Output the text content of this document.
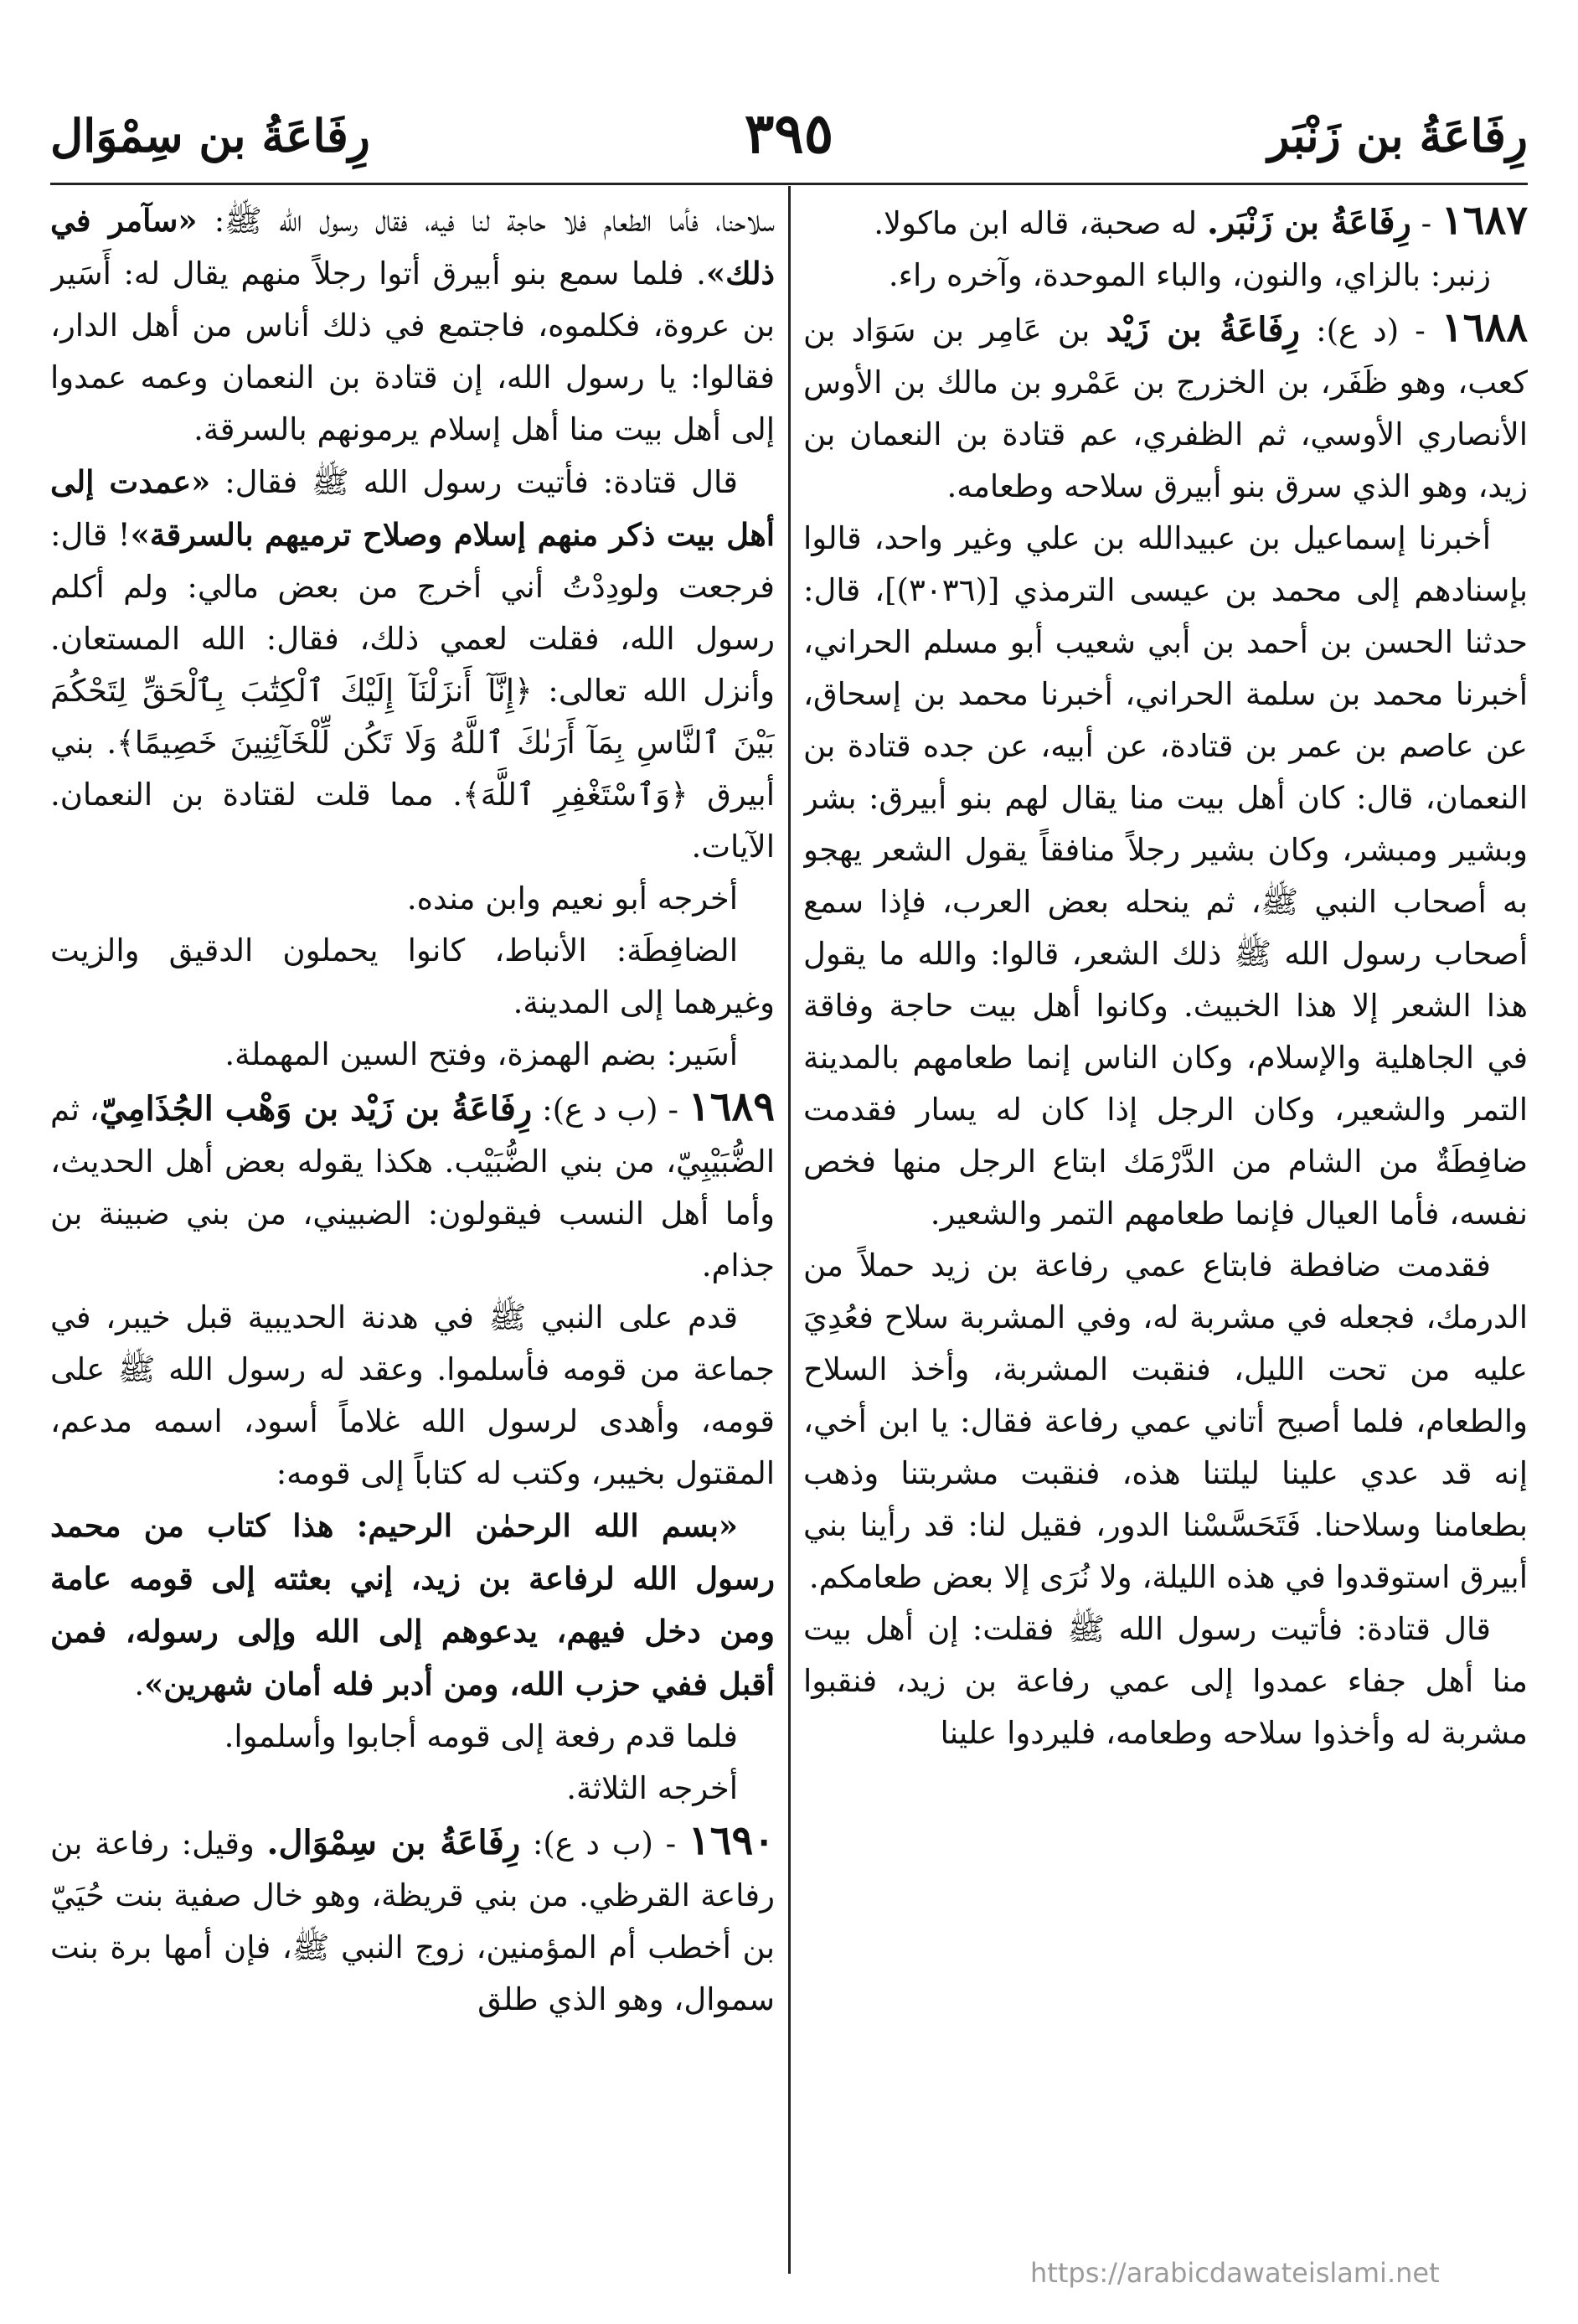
رِفَاعَةُ بن زَنْبَر
٣٩٥
رِفَاعَةُ بن سِمْوَال

١٦٨٧ - رِفَاعَةُ بن زَنْبَر. له صحبة، قاله ابن ماكولا.

زنبر: بالزاي، والنون، والباء الموحدة، وآخره راء.

١٦٨٨ - (د ع): رِفَاعَةُ بن زَيْد بن عَامِر بن سَوَاد بن كعب، وهو ظَفَر، بن الخزرج بن عَمْرو بن مالك بن الأوس الأنصاري الأوسي، ثم الظفري، عم قتادة بن النعمان بن زيد، وهو الذي سرق بنو أبيرق سلاحه وطعامه.

أخبرنا إسماعيل بن عبيدالله بن علي وغير واحد، قالوا بإسنادهم إلى محمد بن عيسى الترمذي [(٣٠٣٦)]، قال: حدثنا الحسن بن أحمد بن أبي شعيب أبو مسلم الحراني، أخبرنا محمد بن سلمة الحراني، أخبرنا محمد بن إسحاق، عن عاصم بن عمر بن قتادة، عن أبيه، عن جده قتادة بن النعمان، قال: كان أهل بيت منا يقال لهم بنو أبيرق: بشر وبشير ومبشر، وكان بشير رجلاً منافقاً يقول الشعر يهجو به أصحاب النبي ﷺ، ثم ينحله بعض العرب، فإذا سمع أصحاب رسول الله ﷺ ذلك الشعر، قالوا: والله ما يقول هذا الشعر إلا هذا الخبيث. وكانوا أهل بيت حاجة وفاقة في الجاهلية والإسلام، وكان الناس إنما طعامهم بالمدينة التمر والشعير، وكان الرجل إذا كان له يسار فقدمت ضافِطَةٌ من الشام من الدَّرْمَك ابتاع الرجل منها فخص نفسه، فأما العيال فإنما طعامهم التمر والشعير.

فقدمت ضافطة فابتاع عمي رفاعة بن زيد حملاً من الدرمك، فجعله في مشربة له، وفي المشربة سلاح فعُدِيَ عليه من تحت الليل، فنقبت المشربة، وأخذ السلاح والطعام، فلما أصبح أتاني عمي رفاعة فقال: يا ابن أخي، إنه قد عدي علينا ليلتنا هذه، فنقبت مشربتنا وذهب بطعامنا وسلاحنا. فَتَحَسَّسْنا الدور، فقيل لنا: قد رأينا بني أبيرق استوقدوا في هذه الليلة، ولا نُرَى إلا بعض طعامكم.

قال قتادة: فأتيت رسول الله ﷺ فقلت: إن أهل بيت منا أهل جفاء عمدوا إلى عمي رفاعة بن زيد، فنقبوا مشربة له وأخذوا سلاحه وطعامه، فليردوا علينا

سلاحنا، فأما الطعام فلا حاجة لنا فيه، فقال رسول الله ﷺ: «سآمر في ذلك». فلما سمع بنو أبيرق أتوا رجلاً منهم يقال له: أَسَير بن عروة، فكلموه، فاجتمع في ذلك أناس من أهل الدار، فقالوا: يا رسول الله، إن قتادة بن النعمان وعمه عمدوا إلى أهل بيت منا أهل إسلام يرمونهم بالسرقة.

قال قتادة: فأتيت رسول الله ﷺ فقال: «عمدت إلى أهل بيت ذكر منهم إسلام وصلاح ترميهم بالسرقة»! قال: فرجعت ولودِدْتُ أني أخرج من بعض مالي: ولم أكلم رسول الله، فقلت لعمي ذلك، فقال: الله المستعان. وأنزل الله تعالى: ﴿إِنَّآ أَنزَلْنَآ إِلَيْكَ ٱلْكِتَٰبَ بِٱلْحَقِّ لِتَحْكُمَ بَيْنَ ٱلنَّاسِ بِمَآ أَرَىٰكَ ٱللَّهُ وَلَا تَكُن لِّلْخَآئِنِينَ خَصِيمًا﴾. بني أبيرق ﴿وَٱسْتَغْفِرِ ٱللَّهَ﴾. مما قلت لقتادة بن النعمان. الآيات.

أخرجه أبو نعيم وابن منده.

الضافِطَة: الأنباط، كانوا يحملون الدقيق والزيت وغيرهما إلى المدينة.

أسَير: بضم الهمزة، وفتح السين المهملة.

١٦٨٩ - (ب د ع): رِفَاعَةُ بن زَيْد بن وَهْب الجُذَامِيّ، ثم الضُّبَيْبِيّ، من بني الضُّبَيْب. هكذا يقوله بعض أهل الحديث، وأما أهل النسب فيقولون: الضبيني، من بني ضبينة بن جذام.

قدم على النبي ﷺ في هدنة الحديبية قبل خيبر، في جماعة من قومه فأسلموا. وعقد له رسول الله ﷺ على قومه، وأهدى لرسول الله غلاماً أسود، اسمه مدعم، المقتول بخيبر، وكتب له كتاباً إلى قومه:

«بسم الله الرحمٰن الرحيم: هذا كتاب من محمد رسول الله لرفاعة بن زيد، إني بعثته إلى قومه عامة ومن دخل فيهم، يدعوهم إلى الله وإلى رسوله، فمن أقبل ففي حزب الله، ومن أدبر فله أمان شهرين».

فلما قدم رفعة إلى قومه أجابوا وأسلموا.

أخرجه الثلاثة.

١٦٩٠ - (ب د ع): رِفَاعَةُ بن سِمْوَال. وقيل: رفاعة بن رفاعة القرظي. من بني قريظة، وهو خال صفية بنت حُيَيّ بن أخطب أم المؤمنين، زوج النبي ﷺ، فإن أمها برة بنت سموال، وهو الذي طلق

https://arabicdawateislami.net
